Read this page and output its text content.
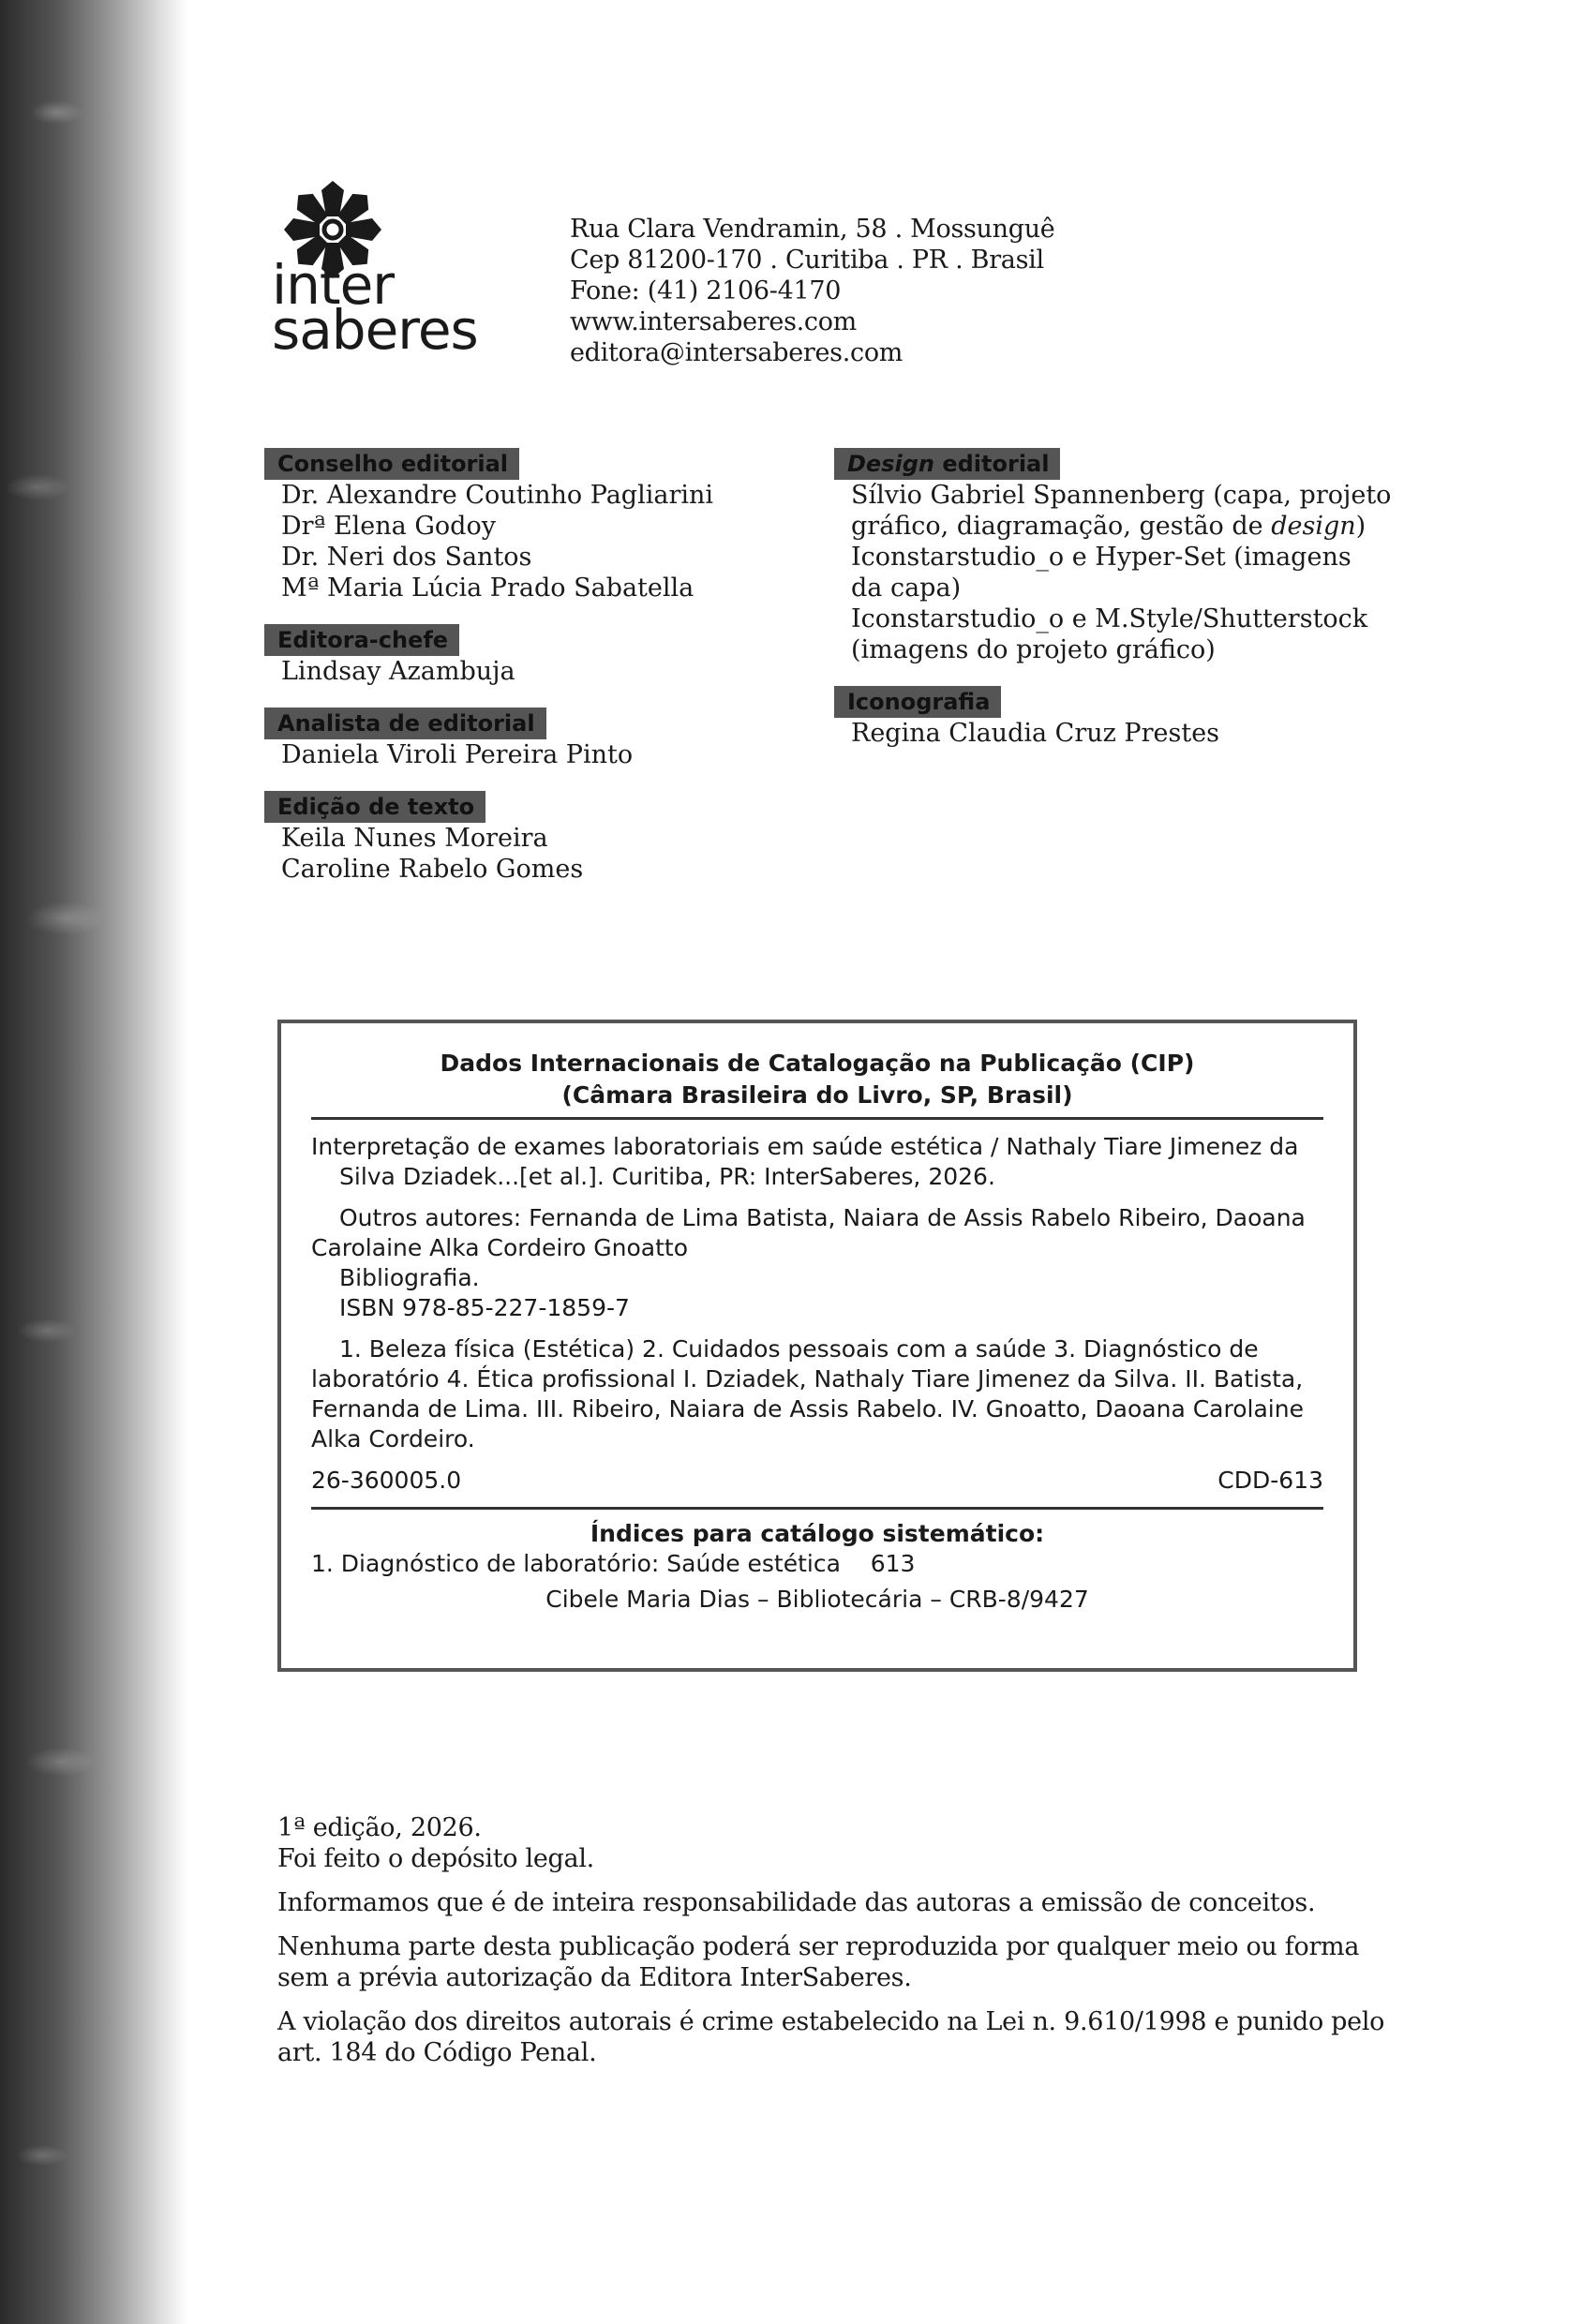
inter
saberes
Rua Clara Vendramin, 58 . Mossunguê
Cep 81200-170 . Curitiba . PR . Brasil
Fone: (41) 2106-4170
www.intersaberes.com
editora@intersaberes.com
Conselho editorial
Dr. Alexandre Coutinho Pagliarini
Drª Elena Godoy
Dr. Neri dos Santos
Mª Maria Lúcia Prado Sabatella
Editora-chefe
Lindsay Azambuja
Analista de editorial
Daniela Viroli Pereira Pinto
Edição de texto
Keila Nunes Moreira
Caroline Rabelo Gomes
Design editorial
Sílvio Gabriel Spannenberg (capa, projeto
gráfico, diagramação, gestão de design)
Iconstarstudio_o e Hyper-Set (imagens
da capa)
Iconstarstudio_o e M.Style/Shutterstock
(imagens do projeto gráfico)
Iconografia
Regina Claudia Cruz Prestes
Dados Internacionais de Catalogação na Publicação (CIP)
(Câmara Brasileira do Livro, SP, Brasil)

Interpretação de exames laboratoriais em saúde estética / Nathaly Tiare Jimenez da Silva Dziadek...[et al.]. Curitiba, PR: InterSaberes, 2026.

Outros autores: Fernanda de Lima Batista, Naiara de Assis Rabelo Ribeiro, Daoana Carolaine Alka Cordeiro Gnoatto

Bibliografia.

ISBN 978-85-227-1859-7

1. Beleza física (Estética) 2. Cuidados pessoais com a saúde 3. Diagnóstico de laboratório 4. Ética profissional I. Dziadek, Nathaly Tiare Jimenez da Silva. II. Batista, Fernanda de Lima. III. Ribeiro, Naiara de Assis Rabelo. IV. Gnoatto, Daoana Carolaine Alka Cordeiro.

26-360005.0	CDD-613
Índices para catálogo sistemático:
1. Diagnóstico de laboratório: Saúde estética    613
Cibele Maria Dias – Bibliotecária – CRB-8/9427

1ª edição, 2026.

Foi feito o depósito legal.

Informamos que é de inteira responsabilidade das autoras a emissão de conceitos.

Nenhuma parte desta publicação poderá ser reproduzida por qualquer meio ou forma sem a prévia autorização da Editora InterSaberes.

A violação dos direitos autorais é crime estabelecido na Lei n. 9.610/1998 e punido pelo art. 184 do Código Penal.
